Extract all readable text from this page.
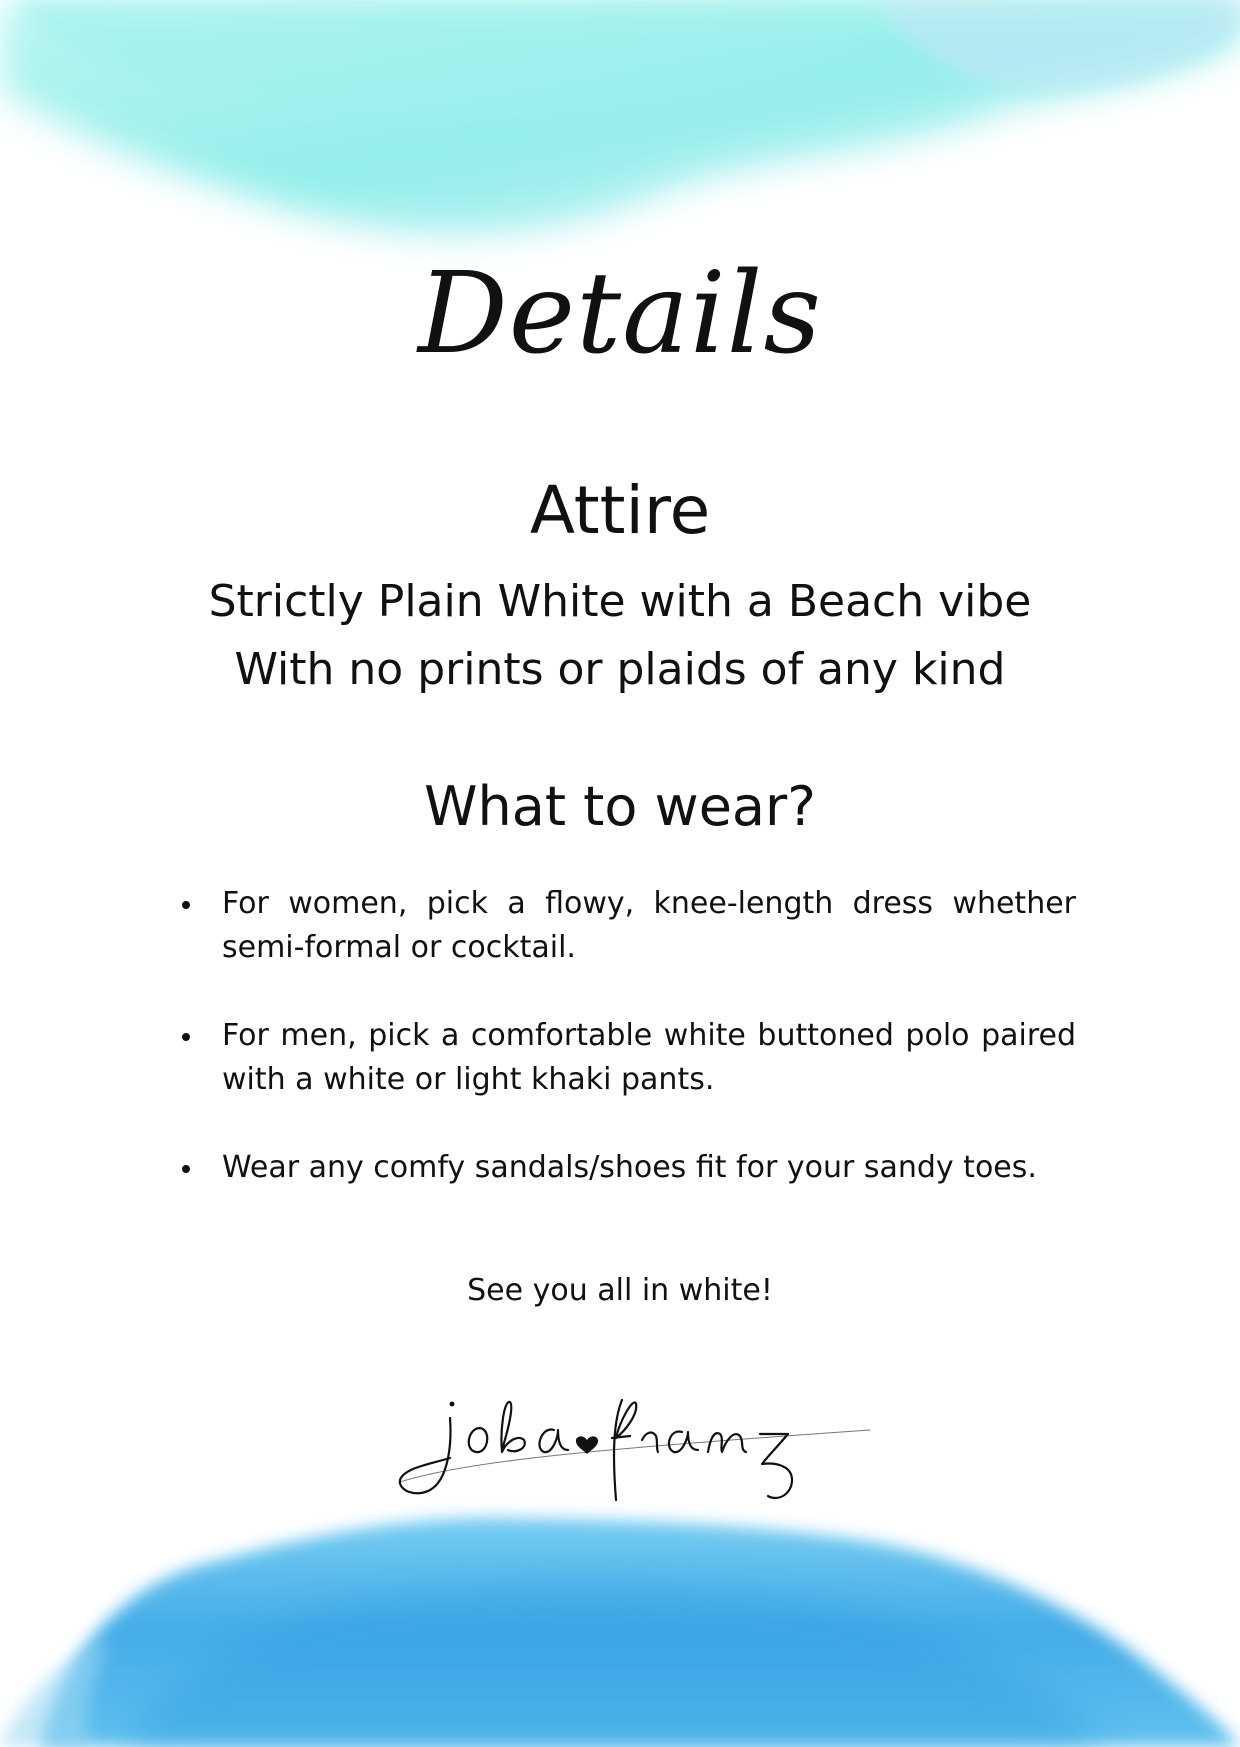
Details
Attire
Strictly Plain White with a Beach vibe
With no prints or plaids of any kind
What to wear?
For women, pick a flowy, knee-length dress whether semi-formal or cocktail.
For men, pick a comfortable white buttoned polo paired with a white or light khaki pants.
Wear any comfy sandals/shoes fit for your sandy toes.
See you all in white!
